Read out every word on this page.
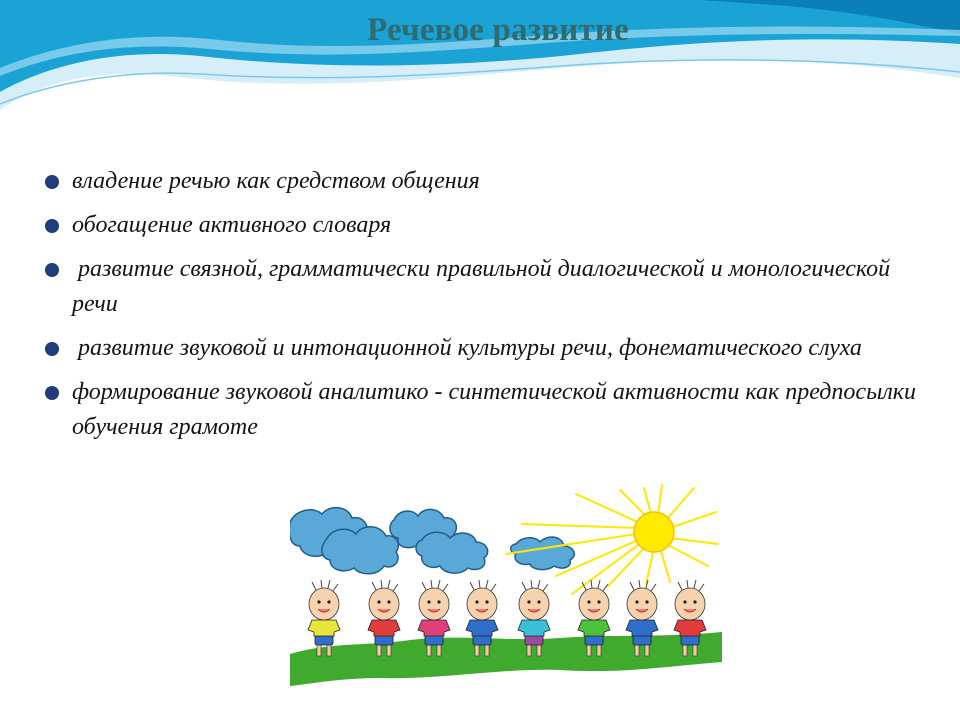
Речевое развитие
владение речью как средством общения
обогащение активного словаря
развитие связной, грамматически правильной диалогической и монологической речи
развитие звуковой и интонационной культуры речи, фонематического слуха
формирование звуковой аналитико - синтетической активности как предпосылки обучения грамоте
